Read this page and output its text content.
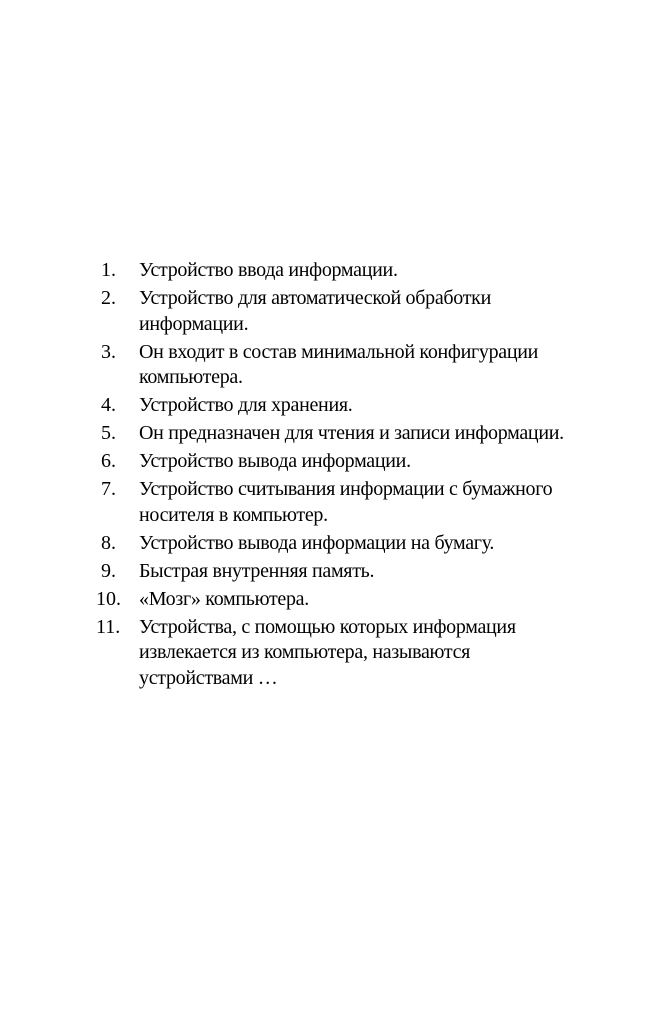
1.	Устройство ввода информации.
2.	Устройство для автоматической обработки
информации.
3.	Он входит в состав минимальной конфигурации
компьютера.
4.	Устройство для хранения.
5.	Он предназначен для чтения и записи информации.
6.	Устройство вывода информации.
7.	Устройство считывания информации с бумажного
носителя в компьютер.
8.	Устройство вывода информации на бумагу.
9.	Быстрая внутренняя память.
10. «Мозг» компьютера.
11. Устройства, с помощью которых информация
извлекается из компьютера, называются
устройствами …
